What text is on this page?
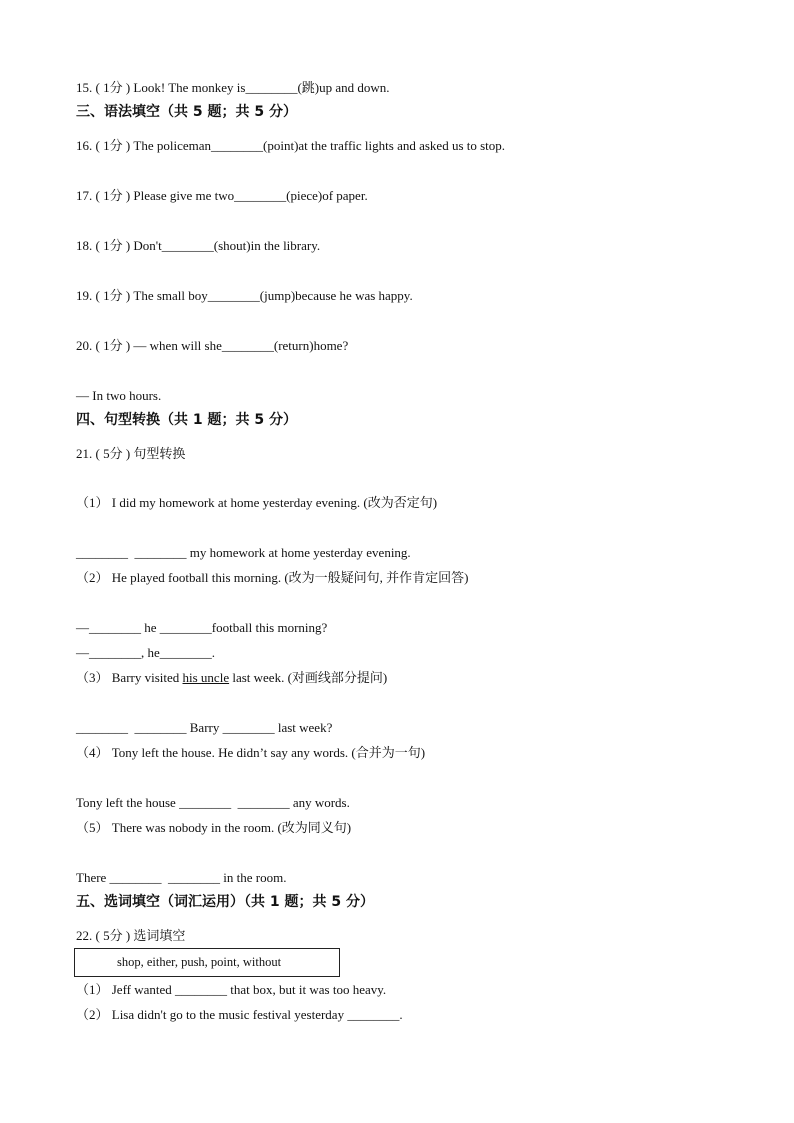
15. ( 1分 ) Look! The monkey is________(跳)up and down.
三、语法填空（共 5 题；共 5 分）
16. ( 1分 ) The policeman________(point)at the traffic lights and asked us to stop.
17. ( 1分 ) Please give me two________(piece)of paper.
18. ( 1分 ) Don't________(shout)in the library.
19. ( 1分 ) The small boy________(jump)because he was happy.
20. ( 1分 ) — when will she________(return)home?
— In two hours.
四、句型转换（共 1 题；共 5 分）
21. ( 5分 ) 句型转换
（1） I did my homework at home yesterday evening. (改为否定句)
________  ________ my homework at home yesterday evening.
（2） He played football this morning. (改为一般疑问句, 并作肯定回答)
—________ he ________football this morning?
—________, he________.
（3） Barry visited his uncle last week. (对画线部分提问)
________  ________ Barry ________ last week?
（4） Tony left the house. He didn’t say any words. (合并为一句)
Tony left the house ________  ________ any words.
（5） There was nobody in the room. (改为同义句)
There ________  ________ in the room.
五、选词填空（词汇运用）（共 1 题；共 5 分）
22. ( 5分 ) 选词填空
shop, either, push, point, without
（1） Jeff wanted ________ that box, but it was too heavy.
（2） Lisa didn't go to the music festival yesterday ________.
